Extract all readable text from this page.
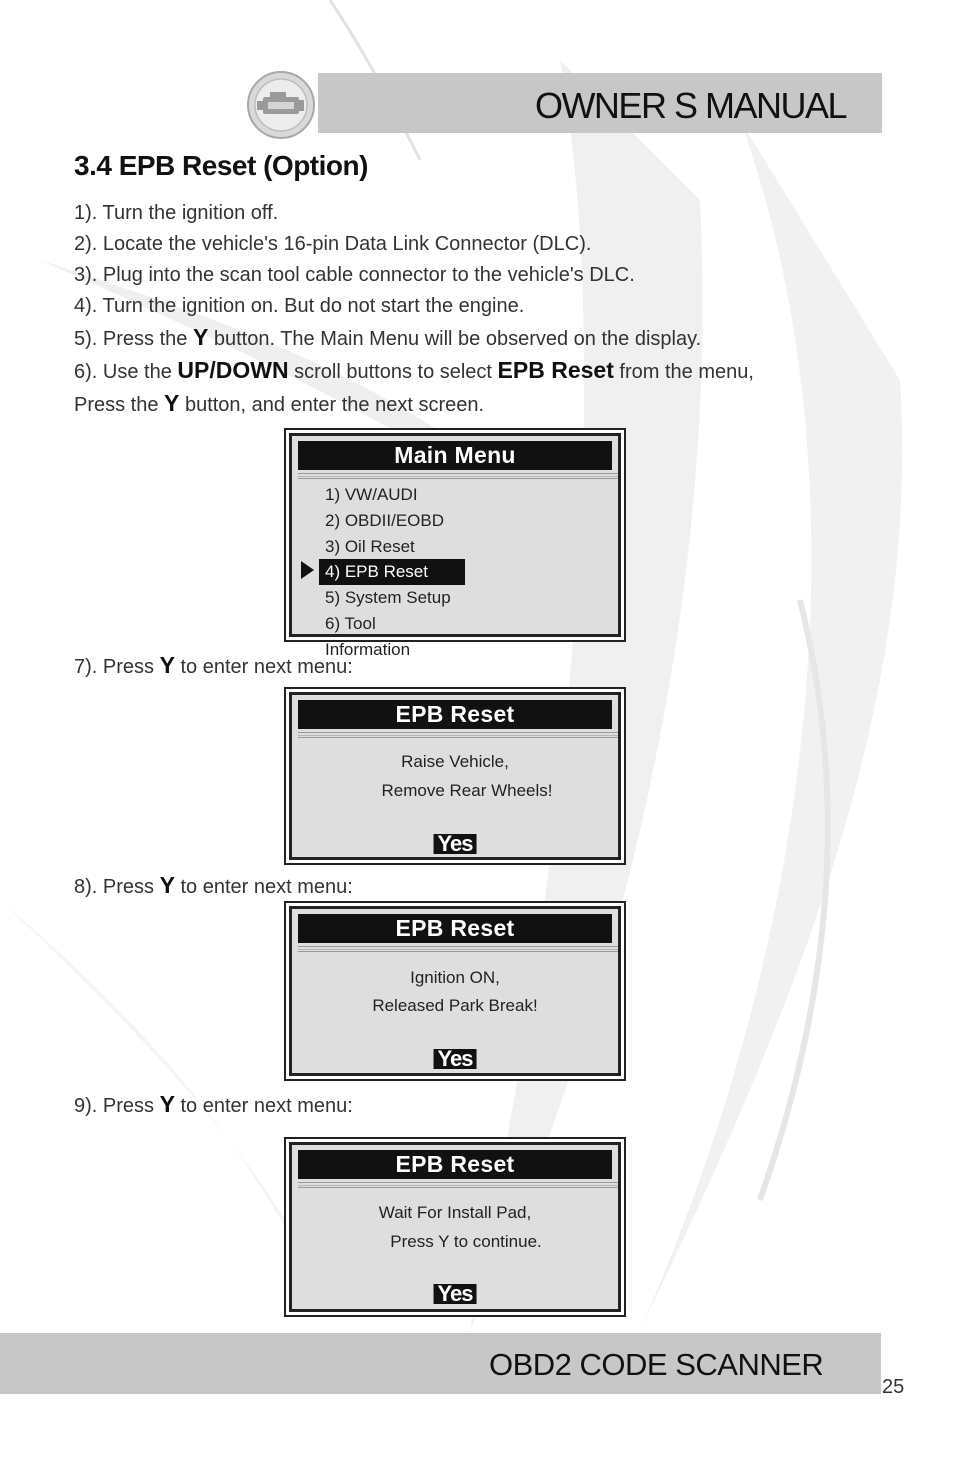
OWNER S MANUAL
3.4 EPB Reset (Option)
1). Turn the ignition off.
2). Locate the vehicle's 16-pin Data Link Connector (DLC).
3). Plug into the scan tool cable connector to the vehicle's DLC.
4). Turn the ignition on. But do not start the engine.
5). Press the Y button. The Main Menu will be observed on the display.
6). Use the UP/DOWN scroll buttons to select EPB Reset from the menu,
Press the Y button, and enter the next screen.
Main Menu
1) VW/AUDI
2) OBDII/EOBD
3) Oil Reset
4) EPB Reset
5) System Setup
6) Tool Information
7). Press Y to enter next menu:
EPB Reset
Raise Vehicle,
Remove Rear Wheels!
Yes
8). Press Y to enter next menu:
EPB Reset
Ignition ON,
Released Park Break!
Yes
9). Press Y to enter next menu:
EPB Reset
Wait For Install Pad,
Press Y to continue.
Yes
OBD2 CODE SCANNER
25
